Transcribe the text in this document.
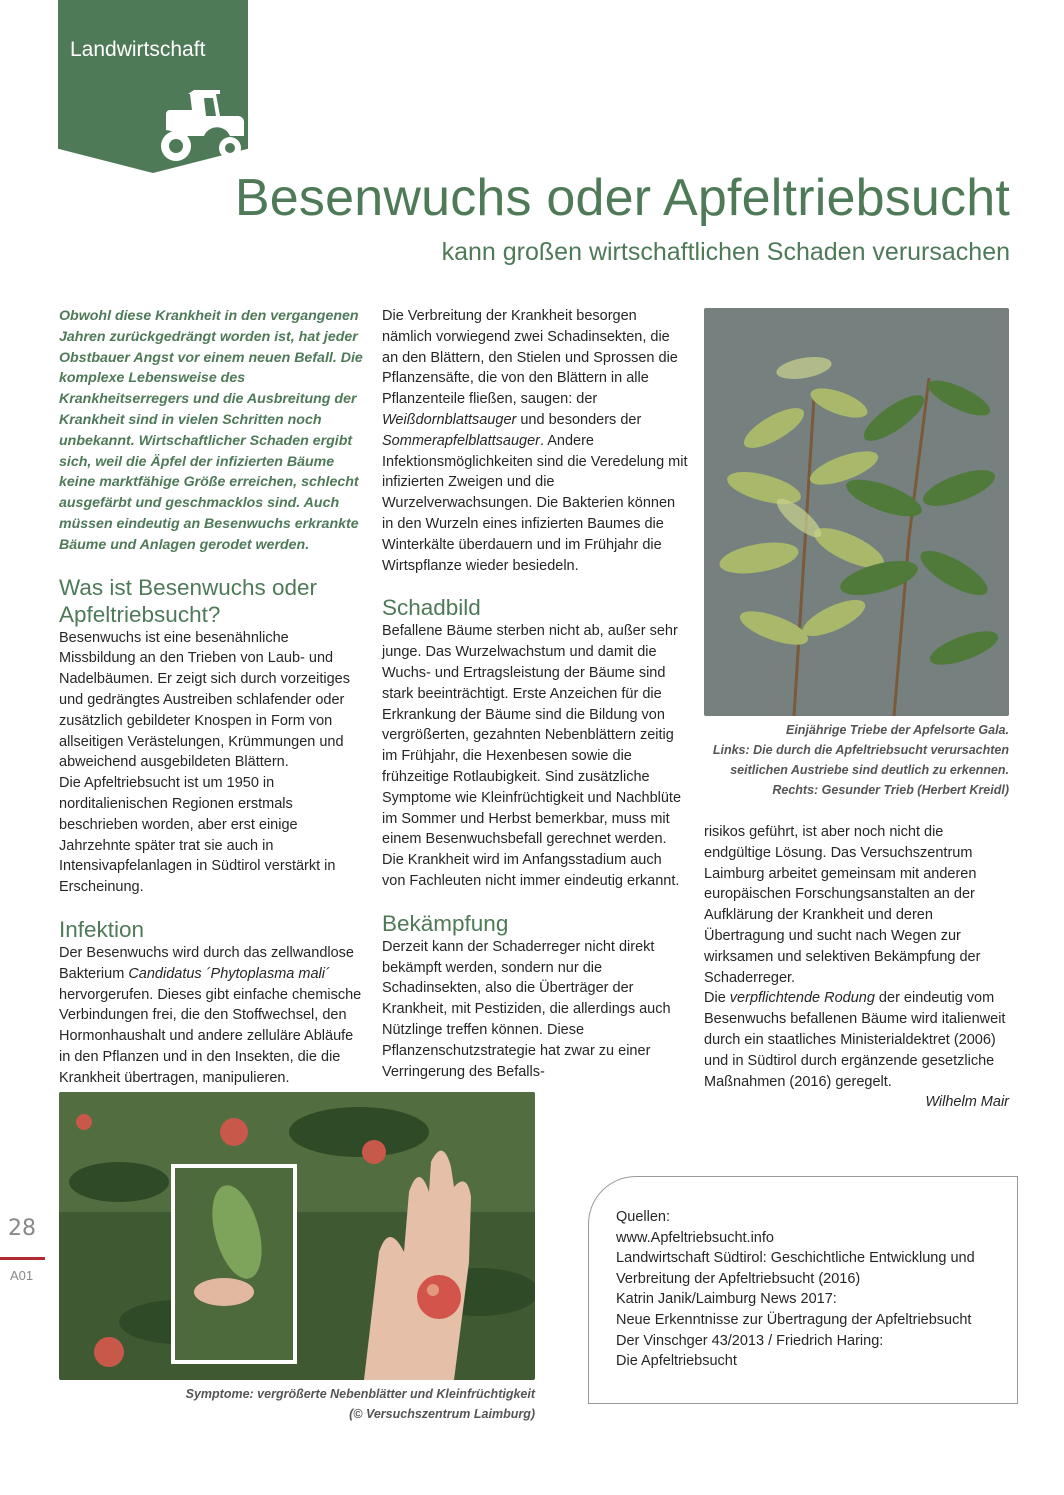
Landwirtschaft
Besenwuchs oder Apfeltriebsucht
kann großen wirtschaftlichen Schaden verursachen

Obwohl diese Krankheit in den vergangenen Jahren zurückgedrängt worden ist, hat jeder Obstbauer Angst vor einem neuen Befall. Die komplexe Lebensweise des Krankheitserregers und die Ausbreitung der Krankheit sind in vielen Schritten noch unbekannt. Wirtschaftlicher Schaden ergibt sich, weil die Äpfel der infizierten Bäume keine marktfähige Größe erreichen, schlecht ausgefärbt und geschmacklos sind. Auch müssen eindeutig an Besenwuchs erkrankte Bäume und Anlagen gerodet werden.

Was ist Besenwuchs oder Apfeltriebsucht?

Besenwuchs ist eine besenähnliche Missbildung an den Trieben von Laub- und Nadelbäumen. Er zeigt sich durch vorzeitiges und gedrängtes Austreiben schlafender oder zusätzlich gebildeter Knospen in Form von allseitigen Verästelungen, Krümmungen und abweichend ausgebildeten Blättern.

Die Apfeltriebsucht ist um 1950 in norditalienischen Regionen erstmals beschrieben worden, aber erst einige Jahrzehnte später trat sie auch in Intensivapfelanlagen in Südtirol verstärkt in Erscheinung.

Infektion

Der Besenwuchs wird durch das zellwandlose Bakterium Candidatus ´Phytoplasma mali´ hervorgerufen. Dieses gibt einfache chemische Verbindungen frei, die den Stoffwechsel, den Hormonhaushalt und andere zelluläre Abläufe in den Pflanzen und in den Insekten, die die Krankheit übertragen, manipulieren.

Die Verbreitung der Krankheit besorgen nämlich vorwiegend zwei Schadinsekten, die an den Blättern, den Stielen und Sprossen die Pflanzensäfte, die von den Blättern in alle Pflanzenteile fließen, saugen: der Weißdornblattsauger und besonders der Sommerapfelblattsauger. Andere Infektionsmöglichkeiten sind die Veredelung mit infizierten Zweigen und die Wurzelverwachsungen. Die Bakterien können in den Wurzeln eines infizierten Baumes die Winterkälte überdauern und im Frühjahr die Wirtspflanze wieder besiedeln.

Schadbild

Befallene Bäume sterben nicht ab, außer sehr junge. Das Wurzelwachstum und damit die Wuchs- und Ertragsleistung der Bäume sind stark beeinträchtigt. Erste Anzeichen für die Erkrankung der Bäume sind die Bildung von vergrößerten, gezahnten Nebenblättern zeitig im Frühjahr, die Hexenbesen sowie die frühzeitige Rotlaubigkeit. Sind zusätzliche Symptome wie Kleinfrüchtigkeit und Nachblüte im Sommer und Herbst bemerkbar, muss mit einem Besenwuchsbefall gerechnet werden. Die Krankheit wird im Anfangsstadium auch von Fachleuten nicht immer eindeutig erkannt.

Bekämpfung

Derzeit kann der Schaderreger nicht direkt bekämpft werden, sondern nur die Schadinsekten, also die Überträger der Krankheit, mit Pestiziden, die allerdings auch Nützlinge treffen können. Diese Pflanzenschutzstrategie hat zwar zu einer Verringerung des Befalls-

Einjährige Triebe der Apfelsorte Gala.
Links: Die durch die Apfeltriebsucht verursachten seitlichen Austriebe sind deutlich zu erkennen.
Rechts: Gesunder Trieb (Herbert Kreidl)

risikos geführt, ist aber noch nicht die endgültige Lösung. Das Versuchszentrum Laimburg arbeitet gemeinsam mit anderen europäischen Forschungsanstalten an der Aufklärung der Krankheit und deren Übertragung und sucht nach Wegen zur wirksamen und selektiven Bekämpfung der Schaderreger.

Die verpflichtende Rodung der eindeutig vom Besenwuchs befallenen Bäume wird italienweit durch ein staatliches Ministerialdektret (2006) und in Südtirol durch ergänzende gesetzliche Maßnahmen (2016) geregelt.

Wilhelm Mair

Symptome: vergrößerte Nebenblätter und Kleinfrüchtigkeit
(© Versuchszentrum Laimburg)
Quellen:
www.Apfeltriebsucht.info
Landwirtschaft Südtirol: Geschichtliche Entwicklung und
Verbreitung der Apfeltriebsucht (2016)
Katrin Janik/Laimburg News 2017:
Neue Erkenntnisse zur Übertragung der Apfeltriebsucht
Der Vinschger 43/2013 / Friedrich Haring:
Die Apfeltriebsucht
28
A01
